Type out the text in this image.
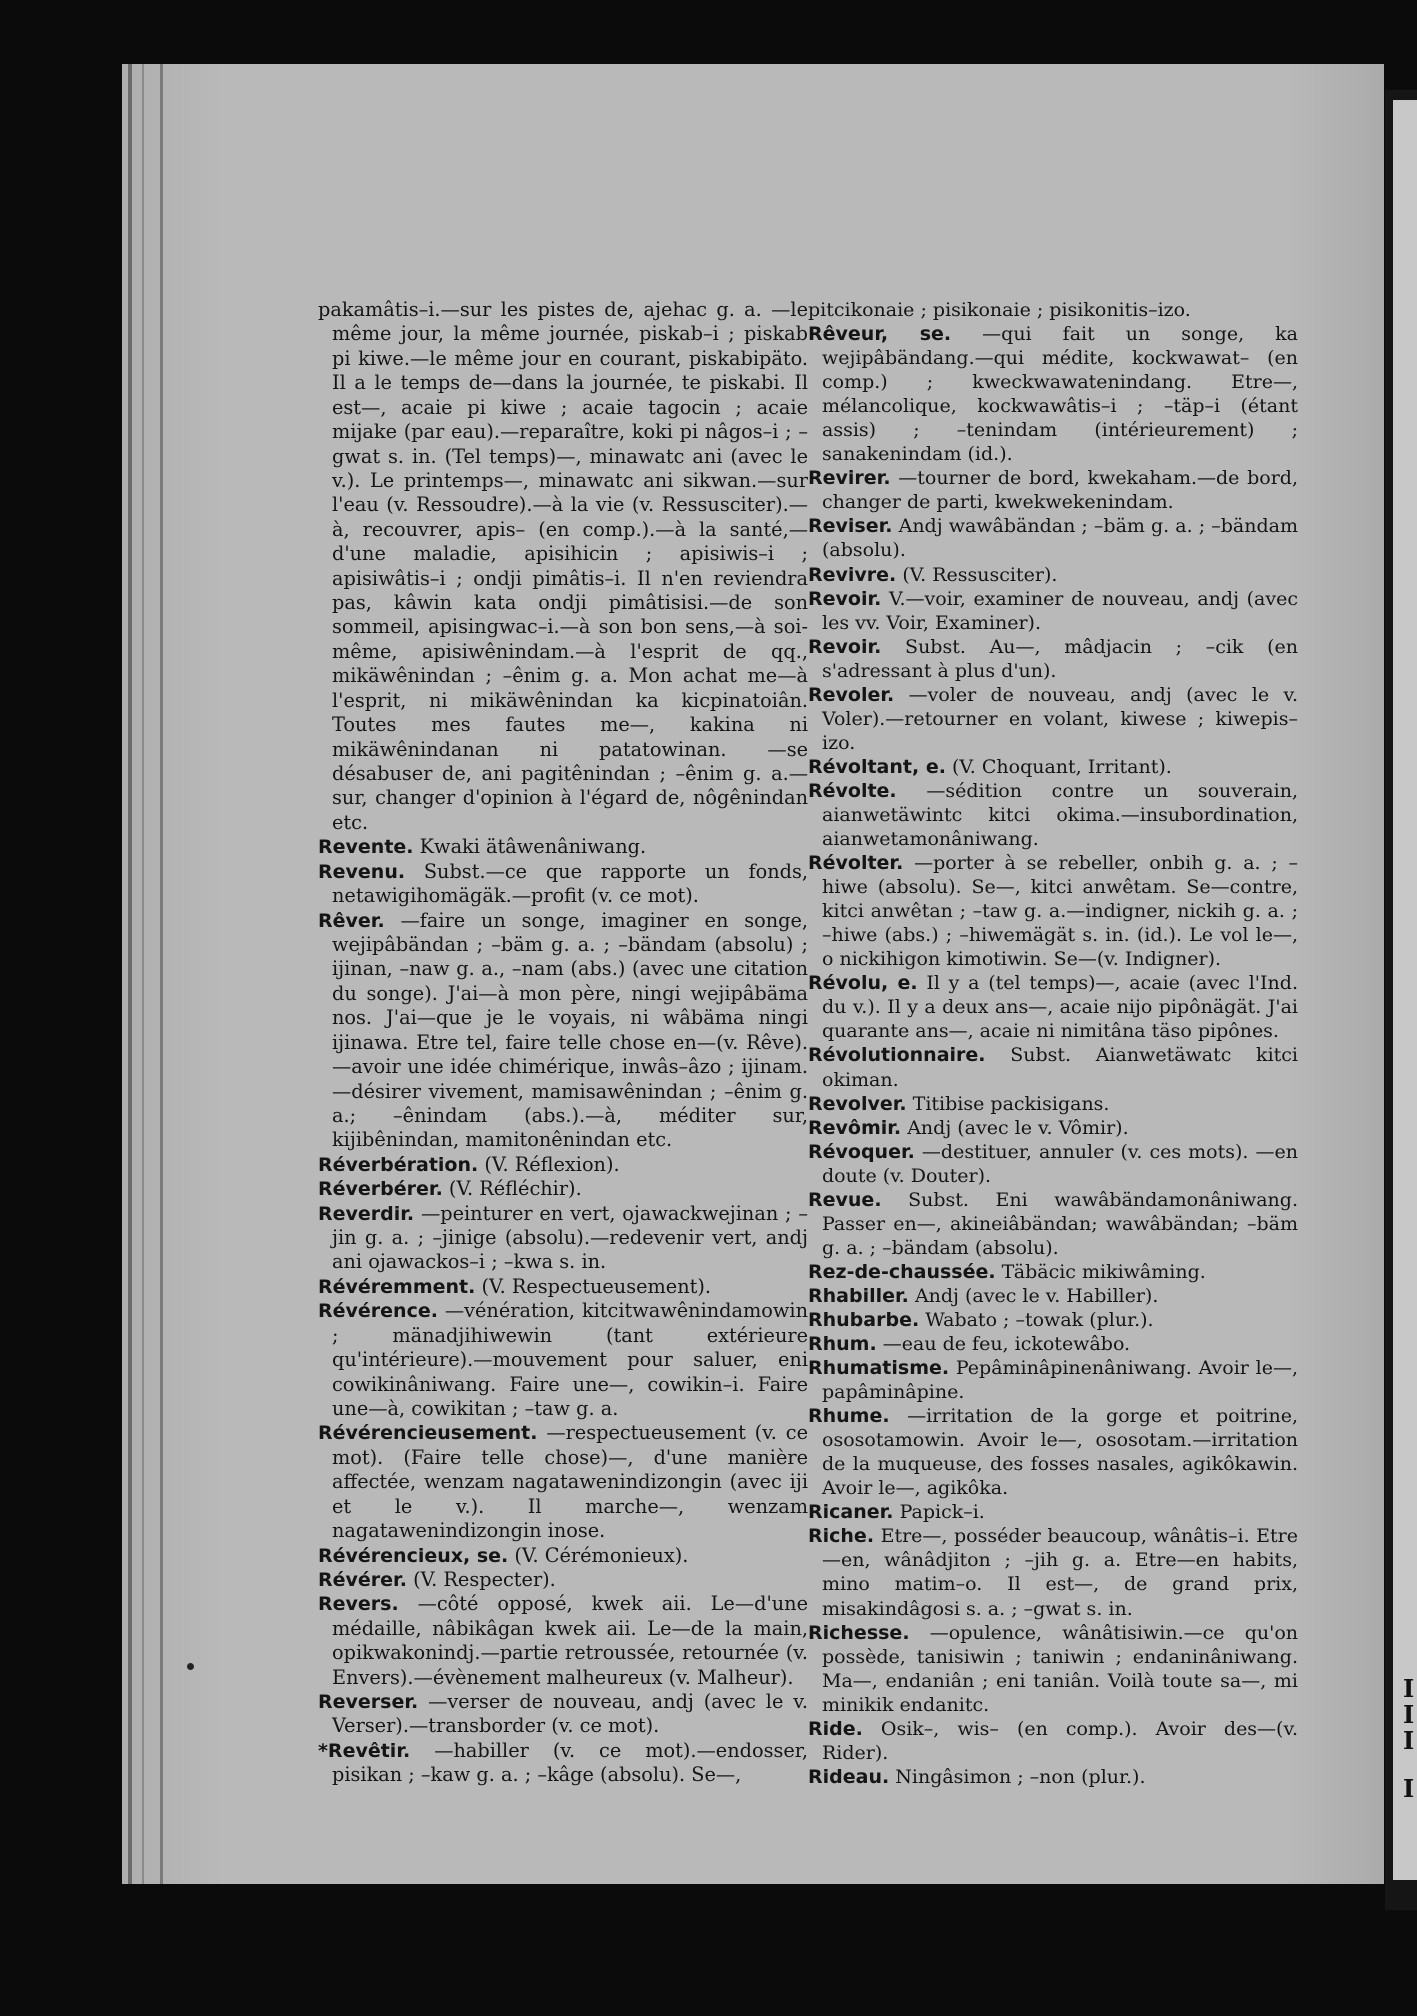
I
I
I
I

pakamâtis–i.—sur les pistes de, ajehac g. a. —le même jour, la même journée, piskab–i ; piskab pi kiwe.—le même jour en courant, piskabipäto. Il a le temps de—dans la journée, te piskabi. Il est—, acaie pi kiwe ; acaie tagocin ; acaie mijake (par eau).—reparaître, koki pi nâgos–i ; –gwat s. in. (Tel temps)—, minawatc ani (avec le v.). Le printemps—, minawatc ani sikwan.—sur l'eau (v. Ressoudre).—à la vie (v. Ressusciter).—à, recouvrer, apis– (en comp.).—à la santé,—d'une maladie, apisihicin ; apisiwis–i ; apisiwâtis–i ; ondji pimâtis–i. Il n'en reviendra pas, kâwin kata ondji pimâtisisi.—de son sommeil, apisingwac–i.—à son bon sens,—à soi-même, apisiwênindam.—à l'esprit de qq., mikäwênindan ; –ênim g. a. Mon achat me—à l'esprit, ni mikäwênindan ka kicpinatoiân. Toutes mes fautes me—, kakina ni mikäwênindanan ni patatowinan. —se désabuser de, ani pagitênindan ; –ênim g. a.—sur, changer d'opinion à l'égard de, nôgênindan etc.

Revente. Kwaki ätâwenâniwang.

Revenu. Subst.—ce que rapporte un fonds, netawigihomägäk.—profit (v. ce mot).

Rêver. —faire un songe, imaginer en songe, wejipâbändan ; –bäm g. a. ; –bändam (absolu) ; ijinan, –naw g. a., –nam (abs.) (avec une citation du songe). J'ai—à mon père, ningi wejipâbäma nos. J'ai—que je le voyais, ni wâbäma ningi ijinawa. Etre tel, faire telle chose en—(v. Rêve).—avoir une idée chimérique, inwâs–âzo ; ijinam.—désirer vivement, mamisawênindan ; –ênim g. a.; –ênindam (abs.).—à, méditer sur, kijibênindan, mamitonênindan etc.

Réverbération. (V. Réflexion).

Réverbérer. (V. Réfléchir).

Reverdir. —peinturer en vert, ojawackwejinan ; –jin g. a. ; –jinige (absolu).—redevenir vert, andj ani ojawackos–i ; –kwa s. in.

Révéremment. (V. Respectueusement).

Révérence. —vénération, kitcitwawênindamowin ; mänadjihiwewin (tant extérieure qu'intérieure).—mouvement pour saluer, eni cowikinâniwang. Faire une—, cowikin–i. Faire une—à, cowikitan ; –taw g. a.

Révérencieusement. —respectueusement (v. ce mot). (Faire telle chose)—, d'une manière affectée, wenzam nagatawenindizongin (avec iji et le v.). Il marche—, wenzam nagatawenindizongin inose.

Révérencieux, se. (V. Cérémonieux).

Révérer. (V. Respecter).

Revers. —côté opposé, kwek aii. Le—d'une médaille, nâbikâgan kwek aii. Le—de la main, opikwakonindj.—partie retroussée, retournée (v. Envers).—évènement malheureux (v. Malheur).

Reverser. —verser de nouveau, andj (avec le v. Verser).—transborder (v. ce mot).

*Revêtir. —habiller (v. ce mot).—endosser, pisikan ; –kaw g. a. ; –kâge (absolu). Se—,

pitcikonaie ; pisikonaie ; pisikonitis–izo.

Rêveur, se. —qui fait un songe, ka wejipâbändang.—qui médite, kockwawat– (en comp.) ; kweckwawatenindang. Etre—, mélancolique, kockwawâtis–i ; –täp–i (étant assis) ; –tenindam (intérieurement) ; sanakenindam (id.).

Revirer. —tourner de bord, kwekaham.—de bord, changer de parti, kwekwekenindam.

Reviser. Andj wawâbändan ; –bäm g. a. ; –bändam (absolu).

Revivre. (V. Ressusciter).

Revoir. V.—voir, examiner de nouveau, andj (avec les vv. Voir, Examiner).

Revoir. Subst. Au—, mâdjacin ; –cik (en s'adressant à plus d'un).

Revoler. —voler de nouveau, andj (avec le v. Voler).—retourner en volant, kiwese ; kiwepis–izo.

Révoltant, e. (V. Choquant, Irritant).

Révolte. —sédition contre un souverain, aianwetäwintc kitci okima.—insubordination, aianwetamonâniwang.

Révolter. —porter à se rebeller, onbih g. a. ; –hiwe (absolu). Se—, kitci anwêtam. Se—contre, kitci anwêtan ; –taw g. a.—indigner, nickih g. a. ; –hiwe (abs.) ; –hiwemägät s. in. (id.). Le vol le—, o nickihigon kimotiwin. Se—(v. Indigner).

Révolu, e. Il y a (tel temps)—, acaie (avec l'Ind. du v.). Il y a deux ans—, acaie nijo pipônägät. J'ai quarante ans—, acaie ni nimitâna täso pipônes.

Révolutionnaire. Subst. Aianwetäwatc kitci okiman.

Revolver. Titibise packisigans.

Revômir. Andj (avec le v. Vômir).

Révoquer. —destituer, annuler (v. ces mots). —en doute (v. Douter).

Revue. Subst. Eni wawâbändamonâniwang. Passer en—, akineiâbändan; wawâbändan; –bäm g. a. ; –bändam (absolu).

Rez-de-chaussée. Täbäcic mikiwâming.

Rhabiller. Andj (avec le v. Habiller).

Rhubarbe. Wabato ; –towak (plur.).

Rhum. —eau de feu, ickotewâbo.

Rhumatisme. Pepâminâpinenâniwang. Avoir le—, papâminâpine.

Rhume. —irritation de la gorge et poitrine, ososotamowin. Avoir le—, ososotam.—irritation de la muqueuse, des fosses nasales, agikôkawin. Avoir le—, agikôka.

Ricaner. Papick–i.

Riche. Etre—, posséder beaucoup, wânâtis–i. Etre—en, wânâdjiton ; –jih g. a. Etre—en habits, mino matim–o. Il est—, de grand prix, misakindâgosi s. a. ; –gwat s. in.

Richesse. —opulence, wânâtisiwin.—ce qu'on possède, tanisiwin ; taniwin ; endaninâniwang. Ma—, endaniân ; eni taniân. Voilà toute sa—, mi minikik endanitc.

Ride. Osik–, wis– (en comp.). Avoir des—(v. Rider).

Rideau. Ningâsimon ; –non (plur.).
